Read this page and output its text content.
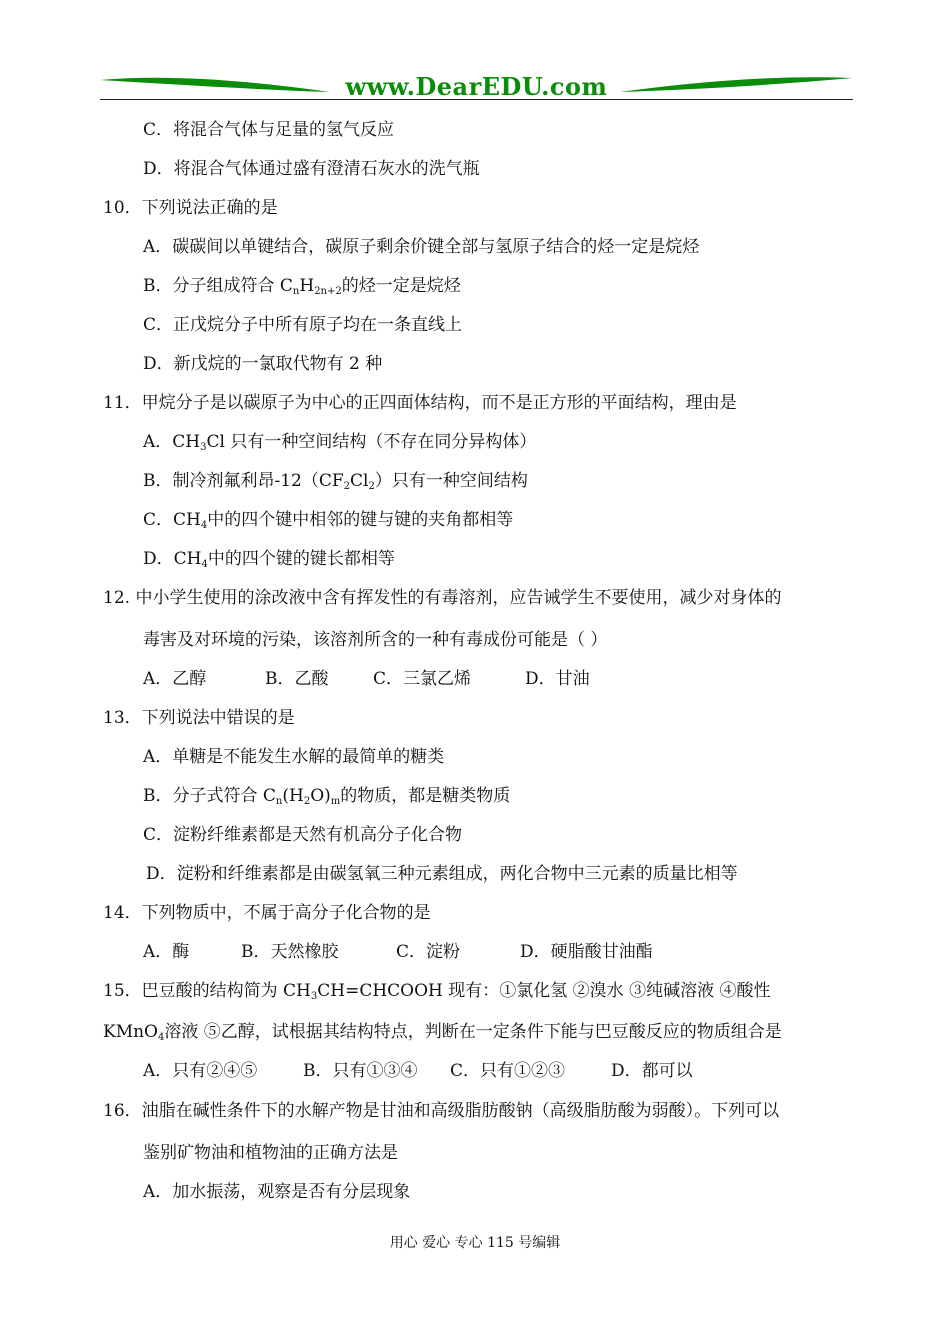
www.DearEDU.com
C．将混合气体与足量的氢气反应
D．将混合气体通过盛有澄清石灰水的洗气瓶
10．下列说法正确的是
A．碳碳间以单键结合，碳原子剩余价键全部与氢原子结合的烃一定是烷烃
B．分子组成符合 $C_nH_{2n+2}$的烃一定是烷烃
C．正戊烷分子中所有原子均在一条直线上
D．新戊烷的一氯取代物有 2 种
11．甲烷分子是以碳原子为中心的正四面体结构，而不是正方形的平面结构，理由是
A．$CH_3Cl$ 只有一种空间结构（不存在同分异构体）
B．制冷剂氟利昂$-12(CF_2Cl_2)$只有一种空间结构
C．$CH_4$中的四个键中相邻的键与键的夹角都相等
D．$CH_4$中的四个键的键长都相等
12. 中小学生使用的涂改液中含有挥发性的有毒溶剂，应告诫学生不要使用，减少对身体的
毒害及对环境的污染，该溶剂所含的一种有毒成份可能是（ ）
A．乙醇	B．乙酸	C．三氯乙烯	D．甘油
13．下列说法中错误的是
A．单糖是不能发生水解的最简单的糖类
B．分子式符合 $C_n(H_2O)_m$的物质，都是糖类物质
C．淀粉纤维素都是天然有机高分子化合物
D．淀粉和纤维素都是由碳氢氧三种元素组成，两化合物中三元素的质量比相等
14．下列物质中，不属于高分子化合物的是
A．酶	B．天然橡胶	C．淀粉	D．硬脂酸甘油酯
15．巴豆酸的结构简为 $CH_3CH=CHCOOH$ 现有：①氯化氢 ②溴水 ③纯碱溶液 ④酸性
KMnO$_4$溶液 ⑤乙醇，试根据其结构特点，判断在一定条件下能与巴豆酸反应的物质组合是
A．只有②④⑤	B．只有①③④ C．只有①②③	D．都可以
16．油脂在碱性条件下的水解产物是甘油和高级脂肪酸钠（高级脂肪酸为弱酸）。下列可以
鉴别矿物油和植物油的正确方法是
A．加水振荡，观察是否有分层现象
用心 爱心 专心 115 号编辑
